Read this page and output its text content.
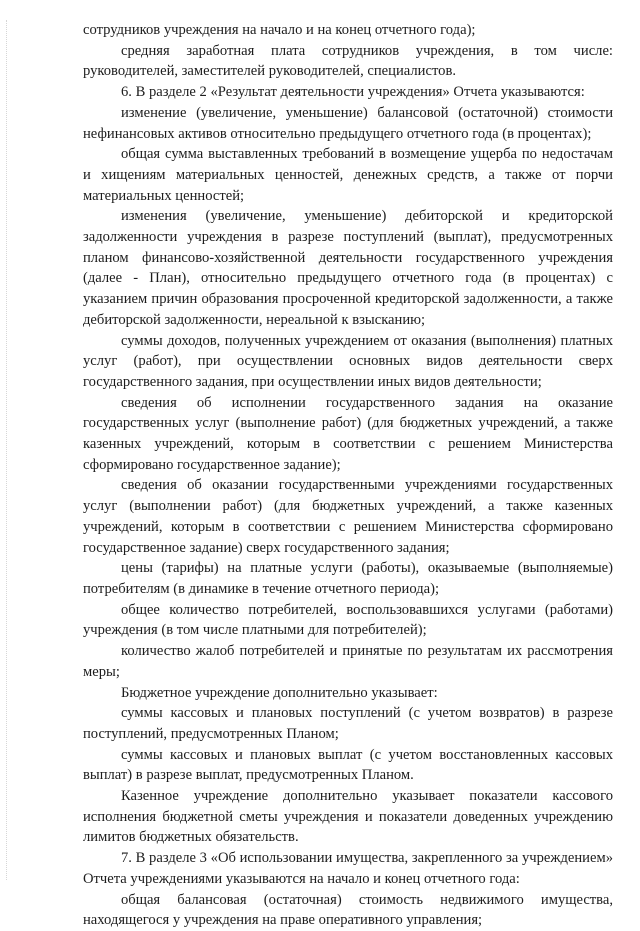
сотрудников учреждения на начало и на конец отчетного года);

средняя заработная плата сотрудников учреждения, в том числе: руководителей, заместителей руководителей, специалистов.

6. В разделе 2 «Результат деятельности учреждения» Отчета указываются:

изменение (увеличение, уменьшение) балансовой (остаточной) стоимости нефинансовых активов относительно предыдущего отчетного года (в процентах);

общая сумма выставленных требований в возмещение ущерба по недостачам и хищениям материальных ценностей, денежных средств, а также от порчи материальных ценностей;

изменения (увеличение, уменьшение) дебиторской и кредиторской задолженности учреждения в разрезе поступлений (выплат), предусмотренных планом финансово-хозяйственной деятельности государственного учреждения (далее - План), относительно предыдущего отчетного года (в процентах) с указанием причин образования просроченной кредиторской задолженности, а также дебиторской задолженности, нереальной к взысканию;

суммы доходов, полученных учреждением от оказания (выполнения) платных услуг (работ), при осуществлении основных видов деятельности сверх государственного задания, при осуществлении иных видов деятельности;

сведения об исполнении государственного задания на оказание государственных услуг (выполнение работ) (для бюджетных учреждений, а также казенных учреждений, которым в соответствии с решением Министерства сформировано государственное задание);

сведения об оказании государственными учреждениями государственных услуг (выполнении работ) (для бюджетных учреждений, а также казенных учреждений, которым в соответствии с решением Министерства сформировано государственное задание) сверх государственного задания;

цены (тарифы) на платные услуги (работы), оказываемые (выполняемые) потребителям (в динамике в течение отчетного периода);

общее количество потребителей, воспользовавшихся услугами (работами) учреждения (в том числе платными для потребителей);

количество жалоб потребителей и принятые по результатам их рассмотрения меры;

Бюджетное учреждение дополнительно указывает:

суммы кассовых и плановых поступлений (с учетом возвратов) в разрезе поступлений, предусмотренных Планом;

суммы кассовых и плановых выплат (с учетом восстановленных кассовых выплат) в разрезе выплат, предусмотренных Планом.

Казенное учреждение дополнительно указывает показатели кассового исполнения бюджетной сметы учреждения и показатели доведенных учреждению лимитов бюджетных обязательств.

7. В разделе 3 «Об использовании имущества, закрепленного за учреждением» Отчета учреждениями указываются на начало и конец отчетного года:

общая балансовая (остаточная) стоимость недвижимого имущества, находящегося у учреждения на праве оперативного управления;
